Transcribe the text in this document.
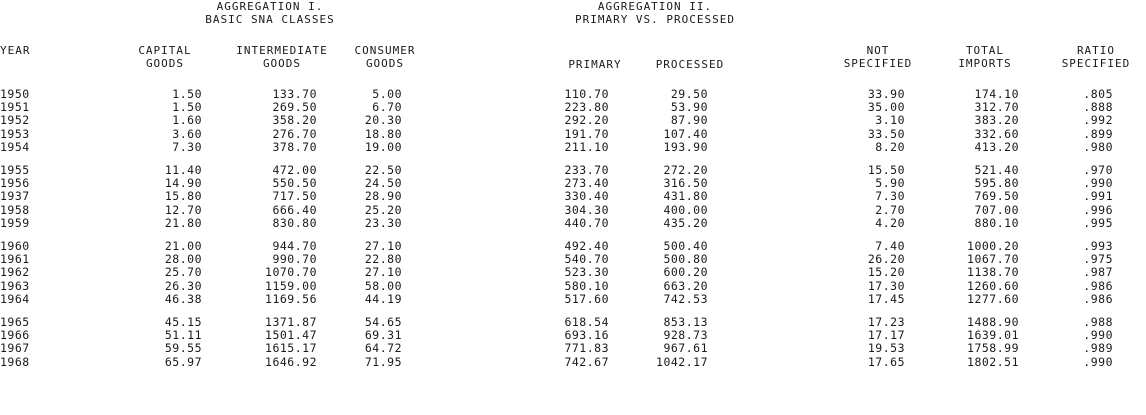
AGGREGATION I.
BASIC SNA CLASSES
AGGREGATION II.
PRIMARY VS. PROCESSED
YEAR	CAPITAL
GOODS
INTERMEDIATE
GOODS
CONSUMER
GOODS	PRIMARY	PROCESSED
NOT
SPECIFIED
TOTAL
IMPORTS
RATIO
SPECIFIED
1950	1.50	133.70	5.00	110.70	29.50	33.90	174.10	.805
1951	1.50	269.50	6.70	223.80	53.90	35.00	312.70	.888
1952	1.60	358.20	20.30	292.20	87.90	3.10	383.20	.992
1953	3.60	276.70	18.80	191.70	107.40	33.50	332.60	.899
1954	7.30	378.70	19.00	211.10	193.90	8.20	413.20	.980
1955	11.40	472.00	22.50	233.70	272.20	15.50	521.40	.970
1956	14.90	550.50	24.50	273.40	316.50	5.90	595.80	.990
1937	15.80	717.50	28.90	330.40	431.80	7.30	769.50	.991
1958	12.70	666.40	25.20	304.30	400.00	2.70	707.00	.996
1959	21.80	830.80	23.30	440.70	435.20	4.20	880.10	.995
1960	21.00	944.70	27.10	492.40	500.40	7.40	1000.20	.993
1961	28.00	990.70	22.80	540.70	500.80	26.20	1067.70	.975
1962	25.70	1070.70	27.10	523.30	600.20	15.20	1138.70	.987
1963	26.30	1159.00	58.00	580.10	663.20	17.30	1260.60	.986
1964	46.38	1169.56	44.19	517.60	742.53	17.45	1277.60	.986
1965	45.15	1371.87	54.65	618.54	853.13	17.23	1488.90	.988
1966	51.11	1501.47	69.31	693.16	928.73	17.17	1639.01	.990
1967	59.55	1615.17	64.72	771.83	967.61	19.53	1758.99	.989
1968	65.97	1646.92	71.95	742.67	1042.17	17.65	1802.51	.990
